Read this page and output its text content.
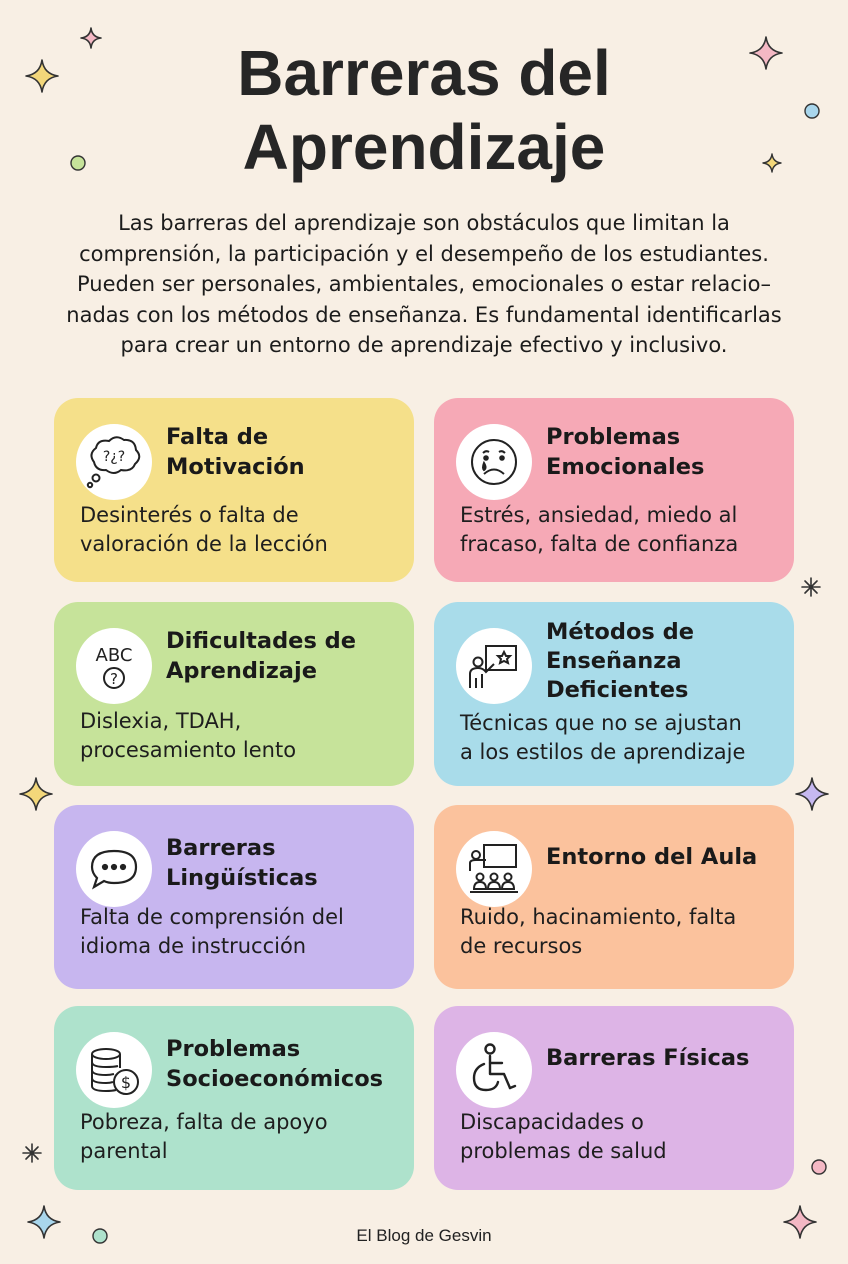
Barreras del
Aprendizaje
Las barreras del aprendizaje son obstáculos que limitan la
comprensión, la participación y el desempeño de los estudiantes.
Pueden ser personales, ambientales, emocionales o estar relacio–
nadas con los métodos de enseñanza. Es fundamental identificarlas
para crear un entorno de aprendizaje efectivo y inclusivo.
?¿?
Falta de
Motivación
Desinterés o falta de
valoración de la lección
Problemas
Emocionales
Estrés, ansiedad, miedo al
fracaso, falta de confianza
ABC
?
Dificultades de
Aprendizaje
Dislexia, TDAH,
procesamiento lento
Métodos de
Enseñanza
Deficientes
Técnicas que no se ajustan
a los estilos de aprendizaje
Barreras
Lingüísticas
Falta de comprensión del
idioma de instrucción
Entorno del Aula
Ruido, hacinamiento, falta
de recursos
$
Problemas
Socioeconómicos
Pobreza, falta de apoyo
parental
Barreras Físicas
Discapacidades o
problemas de salud
El Blog de Gesvin
